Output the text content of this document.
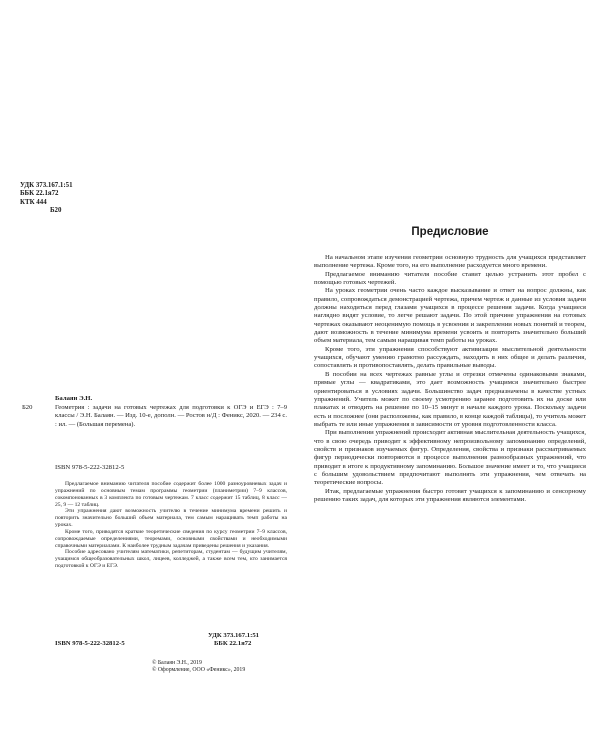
УДК 373.167.1:51
ББК 22.1я72
КТК 444
Б20
Балаян Э.Н.
Б20	Геометрия : задачи на готовых чертежах для подготовки к ОГЭ и ЕГЭ : 7–9 классы / Э.Н. Балаян. — Изд. 10-е, дополн. — Ростов н/Д : Феникс, 2020. — 234 с. : ил. — (Большая перемена).
ISBN 978-5-222-32812-5

Предлагаемое вниманию читателя пособие содержит более 1000 разноуровневых задач и упражнений по основным темам программы геометрии (планиметрии) 7–9 классов, сокомпонованных в 3 комплекта по готовым чертежам. 7 класс содержит 15 таблиц, 8 класс — 25, 9 — 12 таблиц.

Эти упражнения дают возможность учителю в течение минимума времени решить и повторить значительно больший объем материала, тем самым наращивать темп работы на уроках.

Кроме того, приводятся краткие теоретические сведения по курсу геометрии 7–9 классов, сопровождаемые определениями, теоремами, основными свойствами и необходимыми справочными материалами. К наиболее трудным задачам приведены решения и указания.

Пособие адресовано учителям математики, репетиторам, студентам — будущим учителям, учащимся общеобразовательных школ, лицеев, колледжей, а также всем тем, кто занимается подготовкой к ОГЭ и ЕГЭ.

УДК 373.167.1:51
ББК 22.1я72
ISBN 978-5-222-32812-5
© Балаян Э.Н., 2019
© Оформление, ООО «Феникс», 2019
Предисловие

На начальном этапе изучения геометрии основную трудность для учащихся представляет выполнение чертежа. Кроме того, на его выполнение расходуется много времени.

Предлагаемое вниманию читателя пособие ставит целью устранить этот пробел с помощью готовых чертежей.

На уроках геометрии очень часто каждое высказывание и ответ на вопрос должны, как правило, сопровождаться демонстрацией чертежа, причем чертеж и данные из условия задачи должны находиться перед глазами учащихся в процессе решения задачи. Когда учащиеся наглядно видят условие, то легче решают задачи. По этой причине упражнения на готовых чертежах оказывают неоценимую помощь в усвоении и закреплении новых понятий и теорем, дают возможность в течение минимума времени усвоить и повторить значительно больший объем материала, тем самым наращивая темп работы на уроках.

Кроме того, эти упражнения способствуют активизации мыслительной деятельности учащихся, обучают умению грамотно рассуждать, находить в них общее и делать различия, сопоставлять и противопоставлять, делать правильные выводы.

В пособии на всех чертежах равные углы и отрезки отмечены одинаковыми знаками, прямые углы — квадратиками, это дает возможность учащимся значительно быстрее ориентироваться в условиях задачи. Большинство задач предназначены в качестве устных упражнений. Учитель может по своему усмотрению заранее подготовить их на доске или плакатах и отводить на решение по 10–15 минут в начале каждого урока. Поскольку задачи есть и посложнее (они расположены, как правило, в конце каждой таблицы), то учитель может выбрать те или иные упражнения в зависимости от уровня подготовленности класса.

При выполнении упражнений происходит активная мыслительная деятельность учащихся, что в свою очередь приводит к эффективному непроизвольному запоминанию определений, свойств и признаков изучаемых фигур. Определения, свойства и признаки рассматриваемых фигур периодически повторяются в процессе выполнения разнообразных упражнений, что приводит в итоге к продуктивному запоминанию. Большое значение имеет и то, что учащиеся с большим удовольствием предпочитают выполнять эти упражнения, чем отвечать на теоретические вопросы.

Итак, предлагаемые упражнения быстро готовят учащихся к запоминанию и сенсорному решению таких задач, для которых эти упражнения являются элементами.
